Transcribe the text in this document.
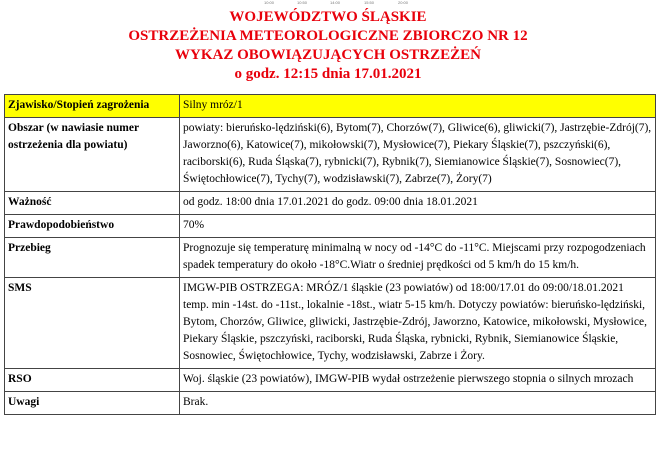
10:00	10:50	14:00	15:50	20:00
WOJEWÓDZTWO ŚLĄSKIE
OSTRZEŻENIA METEOROLOGICZNE ZBIORCZO NR 12
WYKAZ OBOWIĄZUJĄCYCH OSTRZEŻEŃ
o godz. 12:15 dnia 17.01.2021
Zjawisko/Stopień zagrożenia	Silny mróz/1
Obszar (w nawiasie numer ostrzeżenia dla powiatu)	powiaty: bieruńsko-lędziński(6), Bytom(7), Chorzów(7), Gliwice(6), gliwicki(7), Jastrzębie-Zdrój(7), Jaworzno(6), Katowice(7), mikołowski(7), Mysłowice(7), Piekary Śląskie(7), pszczyński(6), raciborski(6), Ruda Śląska(7), rybnicki(7), Rybnik(7), Siemianowice Śląskie(7), Sosnowiec(7), Świętochłowice(7), Tychy(7), wodzisławski(7), Zabrze(7), Żory(7)
Ważność	od godz. 18:00 dnia 17.01.2021 do godz. 09:00 dnia 18.01.2021
Prawdopodobieństwo	70%
Przebieg	Prognozuje się temperaturę minimalną w nocy od -14°C do -11°C. Miejscami przy rozpogodzeniach spadek temperatury do około -18°C.Wiatr o średniej prędkości od 5 km/h do 15 km/h.
SMS	IMGW-PIB OSTRZEGA: MRÓZ/1 śląskie (23 powiatów) od 18:00/17.01 do 09:00/18.01.2021 temp. min -14st. do -11st., lokalnie -18st., wiatr 5-15 km/h. Dotyczy powiatów: bieruńsko-lędziński, Bytom, Chorzów, Gliwice, gliwicki, Jastrzębie-Zdrój, Jaworzno, Katowice, mikołowski, Mysłowice, Piekary Śląskie, pszczyński, raciborski, Ruda Śląska, rybnicki, Rybnik, Siemianowice Śląskie, Sosnowiec, Świętochłowice, Tychy, wodzisławski, Zabrze i Żory.
RSO	Woj. śląskie (23 powiatów), IMGW-PIB wydał ostrzeżenie pierwszego stopnia o silnych mrozach
Uwagi	Brak.
